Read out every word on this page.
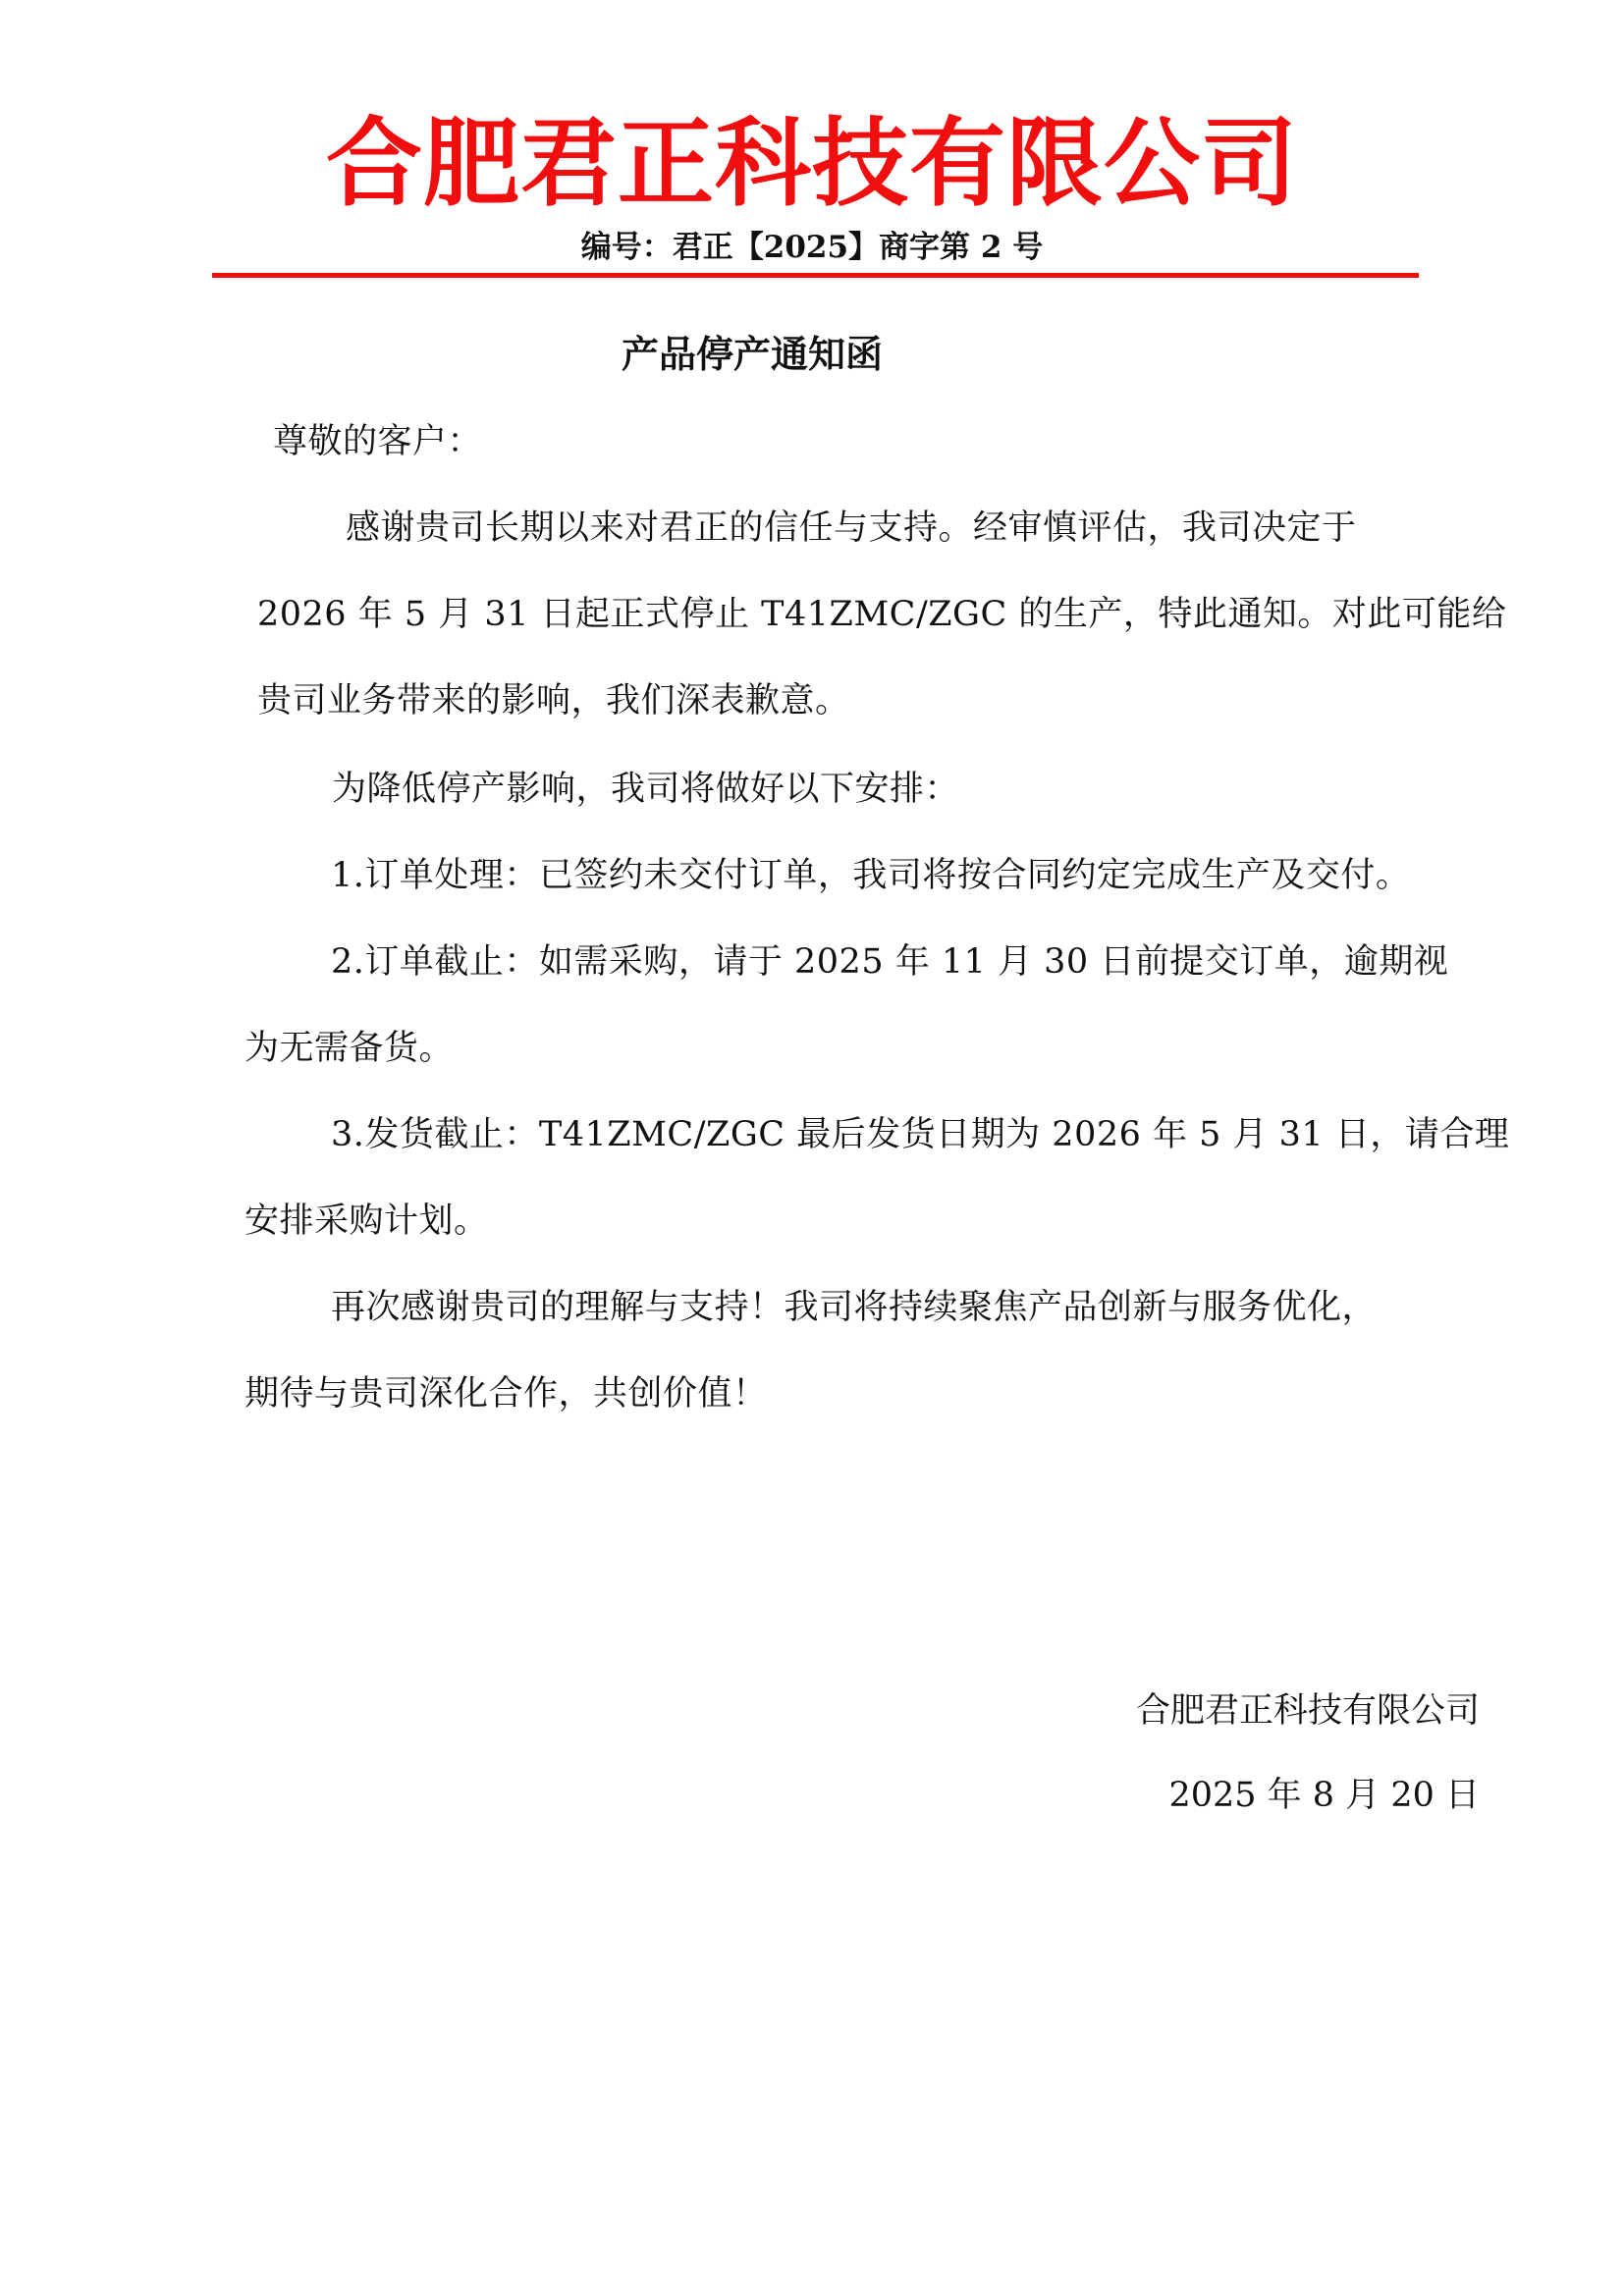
合肥君正科技有限公司
编号：君正【2025】商字第 2 号
产品停产通知函
尊敬的客户：
感谢贵司长期以来对君正的信任与支持。经审慎评估，我司决定于
2026 年 5 月 31 日起正式停止 T41ZMC/ZGC 的生产，特此通知。对此可能给
贵司业务带来的影响，我们深表歉意。
为降低停产影响，我司将做好以下安排：
1.订单处理：已签约未交付订单，我司将按合同约定完成生产及交付。
2.订单截止：如需采购，请于 2025 年 11 月 30 日前提交订单，逾期视
为无需备货。
3.发货截止：T41ZMC/ZGC 最后发货日期为 2026 年 5 月 31 日，请合理
安排采购计划。
再次感谢贵司的理解与支持！我司将持续聚焦产品创新与服务优化，
期待与贵司深化合作，共创价值！
合肥君正科技有限公司
2025 年 8 月 20 日
